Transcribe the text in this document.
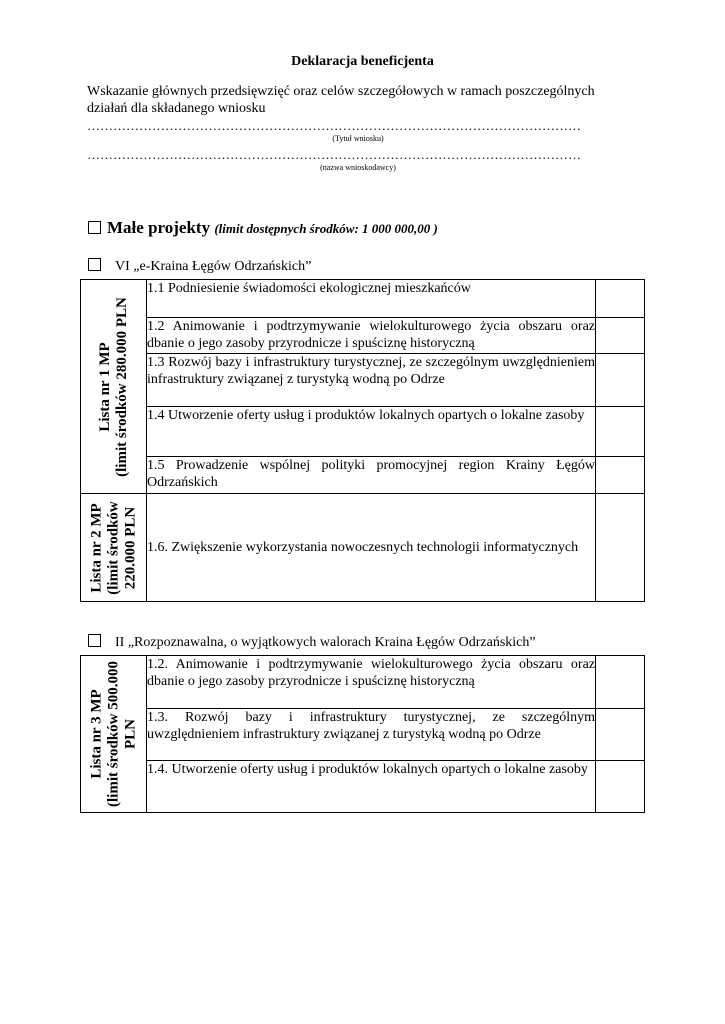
Deklaracja beneficjenta
Wskazanie głównych przedsięwzięć oraz celów szczegółowych w ramach poszczególnych działań dla składanego wniosku
……………………………………………………………………………………………………
(Tytuł wniosku)
……………………………………………………………………………………………………
(nazwa wnioskodawcy)
Małe projekty (limit dostępnych środków: 1 000 000,00 )
VI „e-Kraina Łęgów Odrzańskich”
Lista nr 1 MP (limit środków 280.000 PLN	1.1 Podniesienie świadomości ekologicznej mieszkańców	
	1.2 Animowanie i podtrzymywanie wielokulturowego życia obszaru oraz dbanie o jego zasoby przyrodnicze i spuściznę historyczną	
	1.3 Rozwój bazy i infrastruktury turystycznej, ze szczególnym uwzględnieniem infrastruktury związanej z turystyką wodną po Odrze	
	1.4 Utworzenie oferty usług i produktów lokalnych opartych o lokalne zasoby	
	1.5 Prowadzenie wspólnej polityki promocyjnej region Krainy Łęgów Odrzańskich	

Lista nr 2 MP (limit środków 220.000 PLN	1.6. Zwiększenie wykorzystania nowoczesnych technologii informatycznych	
II „Rozpoznawalna, o wyjątkowych walorach Kraina Łęgów Odrzańskich”
Lista nr 3 MP (limit środków 500.000 PLN	1.2. Animowanie i podtrzymywanie wielokulturowego życia obszaru oraz dbanie o jego zasoby przyrodnicze i spuściznę historyczną	
	1.3. Rozwój bazy i infrastruktury turystycznej, ze szczególnym uwzględnieniem infrastruktury związanej z turystyką wodną po Odrze	
	1.4. Utworzenie oferty usług i produktów lokalnych opartych o lokalne zasoby	
